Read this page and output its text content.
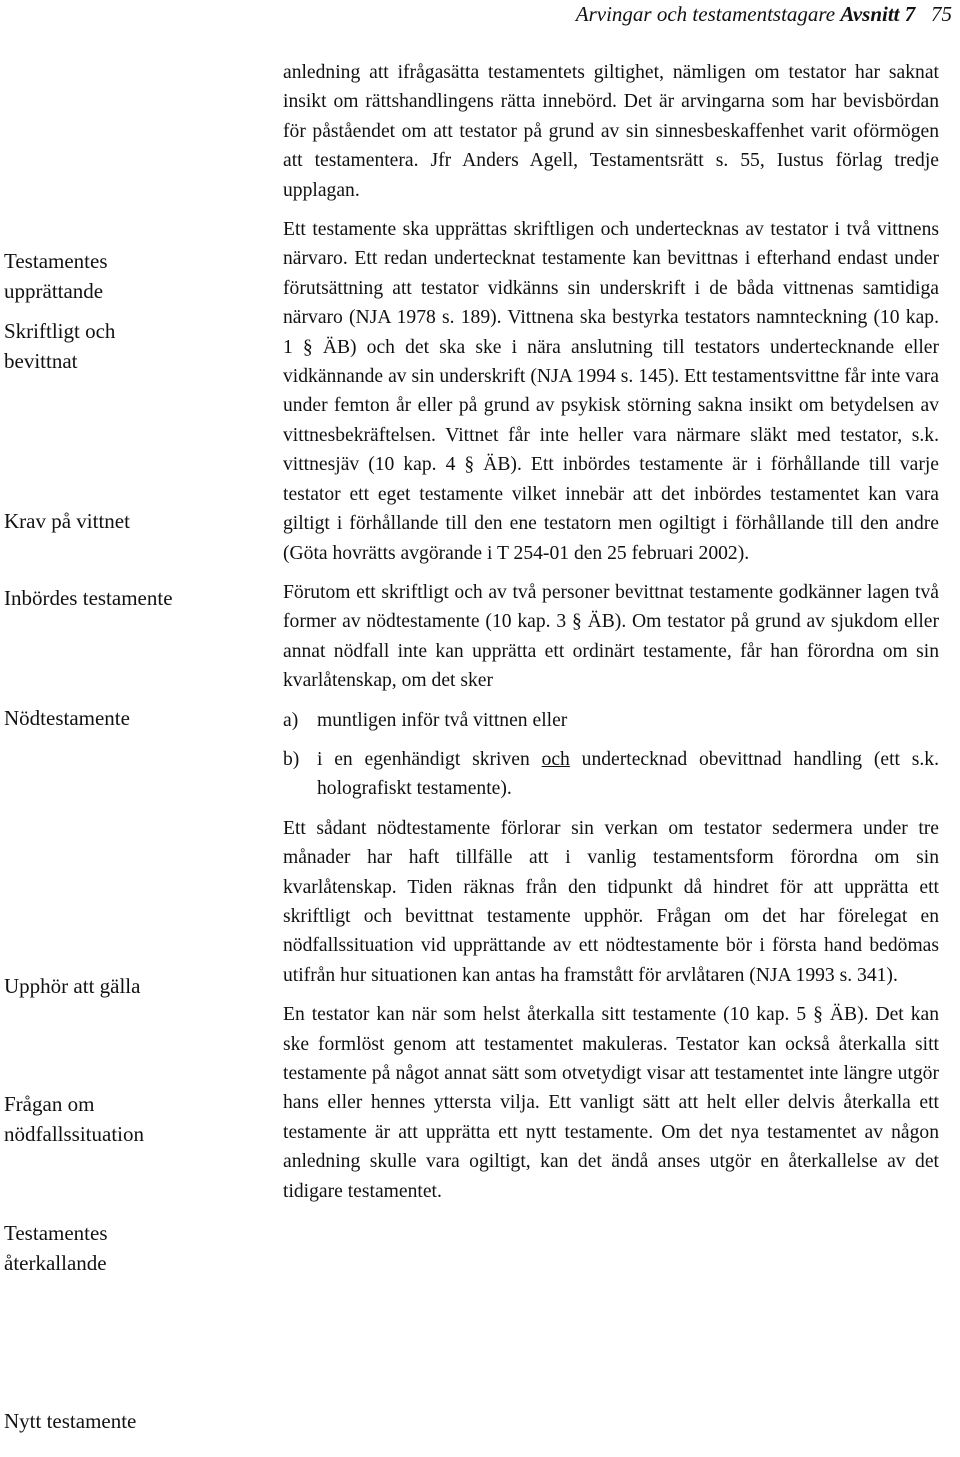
Arvingar och testamentstagare Avsnitt 7 75
Testamentes upprättande
Skriftligt och bevittnat
Krav på vittnet
Inbördes testamente
Nödtestamente
Upphör att gälla
Frågan om nödfallssituation
Testamentes återkallande
Nytt testamente

anledning att ifrågasätta testamentets giltighet, nämligen om testator har saknat insikt om rättshandlingens rätta innebörd. Det är arvingarna som har bevisbördan för påståendet om att testator på grund av sin sinnesbeskaffenhet varit oförmögen att testamentera. Jfr Anders Agell, Testamentsrätt s. 55, Iustus förlag tredje upplagan.

Ett testamente ska upprättas skriftligen och undertecknas av testator i två vittnens närvaro. Ett redan undertecknat testamente kan bevittnas i efterhand endast under förutsättning att testator vidkänns sin underskrift i de båda vittnenas samtidiga närvaro (NJA 1978 s. 189). Vittnena ska bestyrka testators namnteckning (10 kap. 1 § ÄB) och det ska ske i nära anslutning till testators undertecknande eller vidkännande av sin underskrift (NJA 1994 s. 145). Ett testamentsvittne får inte vara under femton år eller på grund av psykisk störning sakna insikt om betydelsen av vittnesbekräftelsen. Vittnet får inte heller vara närmare släkt med testator, s.k. vittnesjäv (10 kap. 4 § ÄB). Ett inbördes testamente är i förhållande till varje testator ett eget testamente vilket innebär att det inbördes testamentet kan vara giltigt i förhållande till den ene testatorn men ogiltigt i förhållande till den andre (Göta hovrätts avgörande i T 254-01 den 25 februari 2002).

Förutom ett skriftligt och av två personer bevittnat testamente godkänner lagen två former av nödtestamente (10 kap. 3 § ÄB). Om testator på grund av sjukdom eller annat nödfall inte kan upprätta ett ordinärt testamente, får han förordna om sin kvarlåtenskap, om det sker

a) muntligen inför två vittnen eller
b) i en egenhändigt skriven och undertecknad obevittnad handling (ett s.k. holografiskt testamente).

Ett sådant nödtestamente förlorar sin verkan om testator sedermera under tre månader har haft tillfälle att i vanlig testamentsform förordna om sin kvarlåtenskap. Tiden räknas från den tidpunkt då hindret för att upprätta ett skriftligt och bevittnat testamente upphör. Frågan om det har förelegat en nödfallssituation vid upprättande av ett nödtestamente bör i första hand bedömas utifrån hur situationen kan antas ha framstått för arvlåtaren (NJA 1993 s. 341).

En testator kan när som helst återkalla sitt testamente (10 kap. 5 § ÄB). Det kan ske formlöst genom att testamentet makuleras. Testator kan också återkalla sitt testamente på något annat sätt som otvetydigt visar att testamentet inte längre utgör hans eller hennes yttersta vilja. Ett vanligt sätt att helt eller delvis återkalla ett testamente är att upprätta ett nytt testamente. Om det nya testamentet av någon anledning skulle vara ogiltigt, kan det ändå anses utgör en återkallelse av det tidigare testamentet.
